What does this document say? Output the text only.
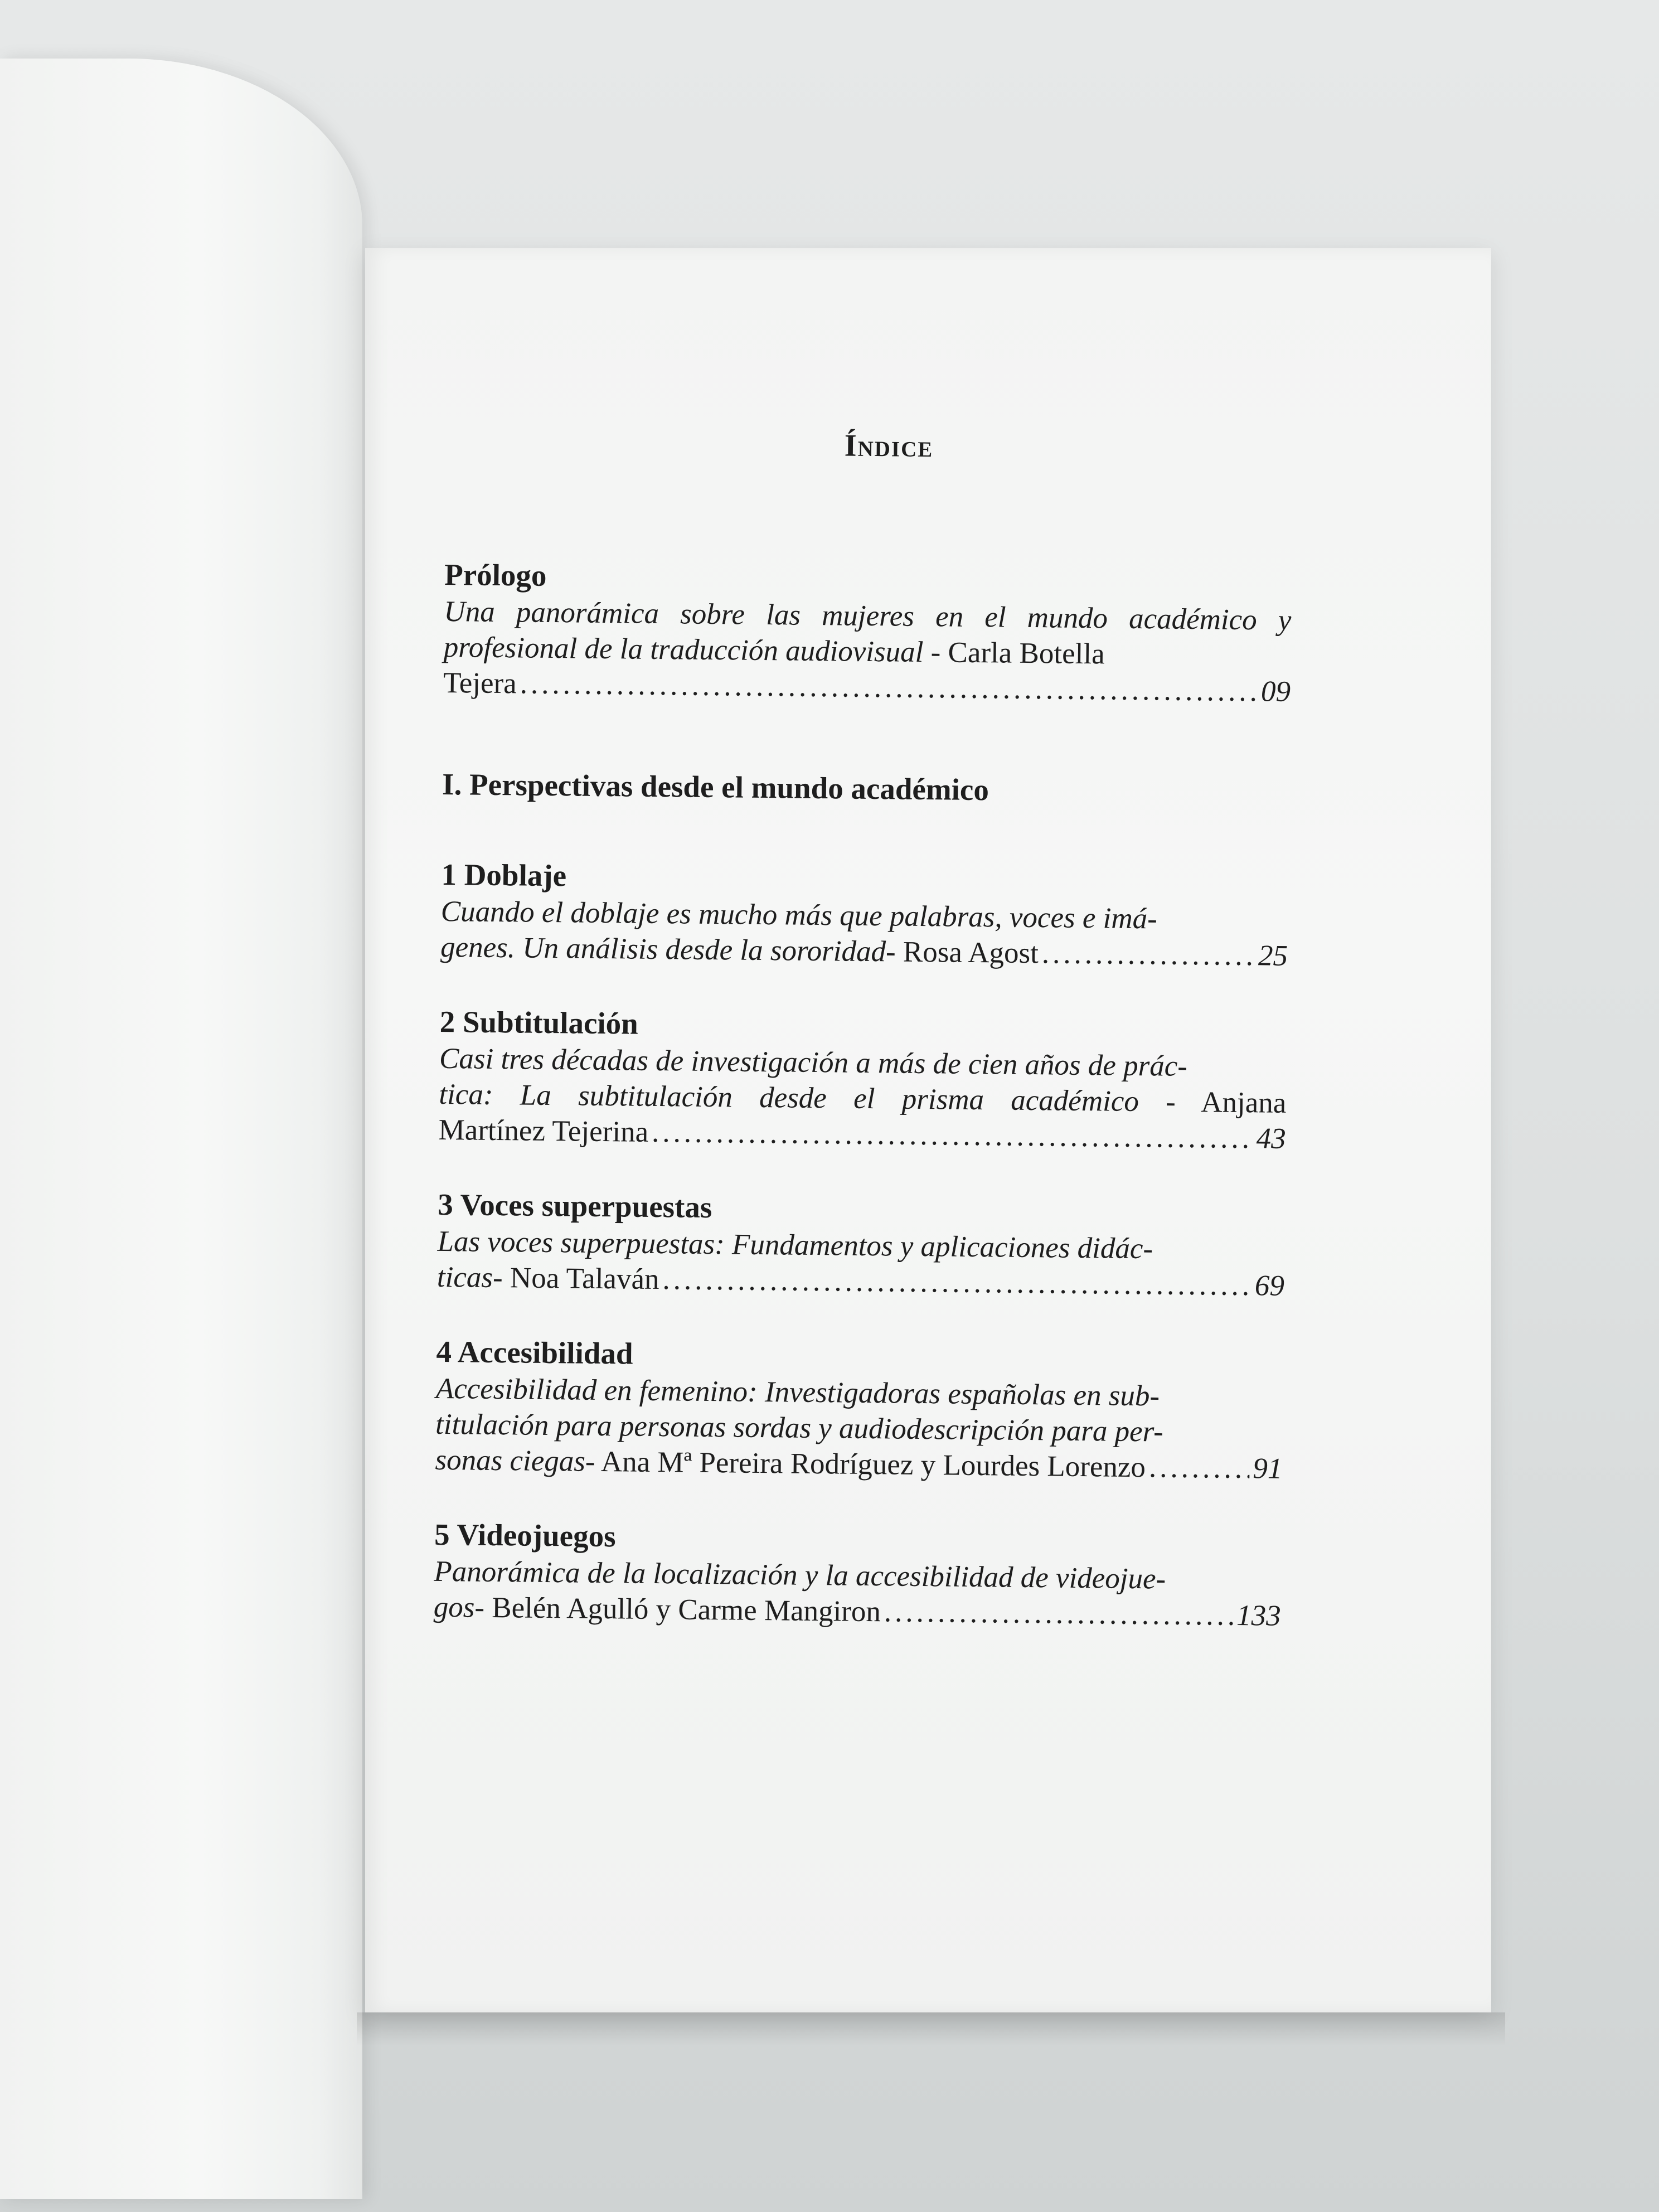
Índice
Prólogo
Una panorámica sobre las mujeres en el mundo académico y profesional de la traducción audiovisual - Carla Botella
Tejera .....	09
I. Perspectivas desde el mundo académico
1 Doblaje
Cuando el doblaje es mucho más que palabras, voces e imá-
genes. Un análisis desde la sororidad - Rosa Agost .....	25
2 Subtitulación
Casi tres décadas de investigación a más de cien años de prác-
tica: La subtitulación desde el prisma académico - Anjana
Martínez Tejerina .....	43
3 Voces superpuestas
Las voces superpuestas: Fundamentos y aplicaciones didác-
ticas - Noa Talaván .....	69
4 Accesibilidad
Accesibilidad en femenino: Investigadoras españolas en sub-
titulación para personas sordas y audiodescripción para per-
sonas ciegas - Ana Mª Pereira Rodríguez y Lourdes Lorenzo .....	91
5 Videojuegos
Panorámica de la localización y la accesibilidad de videojue-
gos - Belén Agulló y Carme Mangiron .....	133
